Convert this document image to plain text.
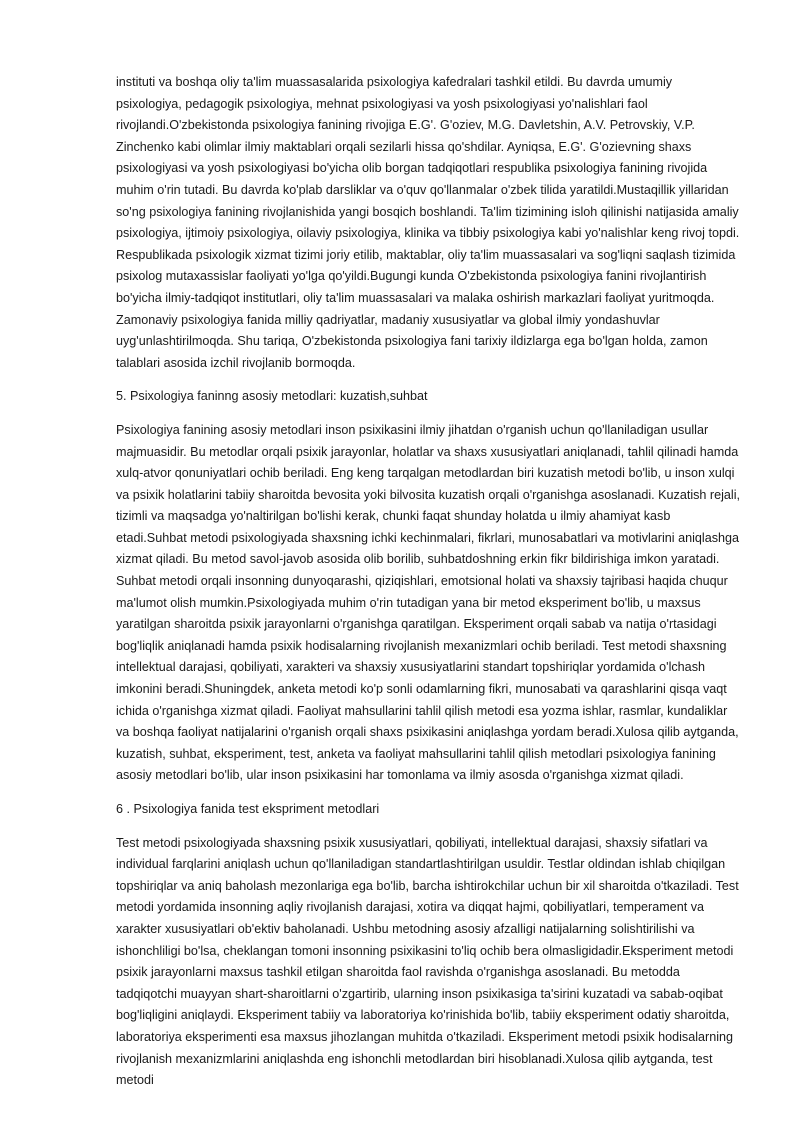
instituti va boshqa oliy ta'lim muassasalarida psixologiya kafedralari tashkil etildi. Bu davrda umumiy psixologiya, pedagogik psixologiya, mehnat psixologiyasi va yosh psixologiyasi yo'nalishlari faol rivojlandi.O'zbekistonda psixologiya fanining rivojiga E.G'. G'oziev, M.G. Davletshin, A.V. Petrovskiy, V.P. Zinchenko kabi olimlar ilmiy maktablari orqali sezilarli hissa qo'shdilar. Ayniqsa, E.G'. G'ozievning shaxs psixologiyasi va yosh psixologiyasi bo'yicha olib borgan tadqiqotlari respublika psixologiya fanining rivojida muhim o'rin tutadi. Bu davrda ko'plab darsliklar va o'quv qo'llanmalar o'zbek tilida yaratildi.Mustaqillik yillaridan so'ng psixologiya fanining rivojlanishida yangi bosqich boshlandi. Ta'lim tizimining isloh qilinishi natijasida amaliy psixologiya, ijtimoiy psixologiya, oilaviy psixologiya, klinika va tibbiy psixologiya kabi yo'nalishlar keng rivoj topdi. Respublikada psixologik xizmat tizimi joriy etilib, maktablar, oliy ta'lim muassasalari va sog'liqni saqlash tizimida psixolog mutaxassislar faoliyati yo'lga qo'yildi.Bugungi kunda O'zbekistonda psixologiya fanini rivojlantirish bo'yicha ilmiy-tadqiqot institutlari, oliy ta'lim muassasalari va malaka oshirish markazlari faoliyat yuritmoqda. Zamonaviy psixologiya fanida milliy qadriyatlar, madaniy xususiyatlar va global ilmiy yondashuvlar uyg'unlashtirilmoqda. Shu tariqa, O'zbekistonda psixologiya fani tarixiy ildizlarga ega bo'lgan holda, zamon talablari asosida izchil rivojlanib bormoqda.

5. Psixologiya faninng asosiy metodlari: kuzatish,suhbat

Psixologiya fanining asosiy metodlari inson psixikasini ilmiy jihatdan o'rganish uchun qo'llaniladigan usullar majmuasidir. Bu metodlar orqali psixik jarayonlar, holatlar va shaxs xususiyatlari aniqlanadi, tahlil qilinadi hamda xulq-atvor qonuniyatlari ochib beriladi. Eng keng tarqalgan metodlardan biri kuzatish metodi bo'lib, u inson xulqi va psixik holatlarini tabiiy sharoitda bevosita yoki bilvosita kuzatish orqali o'rganishga asoslanadi. Kuzatish rejali, tizimli va maqsadga yo'naltirilgan bo'lishi kerak, chunki faqat shunday holatda u ilmiy ahamiyat kasb etadi.Suhbat metodi psixologiyada shaxsning ichki kechinmalari, fikrlari, munosabatlari va motivlarini aniqlashga xizmat qiladi. Bu metod savol-javob asosida olib borilib, suhbatdoshning erkin fikr bildirishiga imkon yaratadi. Suhbat metodi orqali insonning dunyoqarashi, qiziqishlari, emotsional holati va shaxsiy tajribasi haqida chuqur ma'lumot olish mumkin.Psixologiyada muhim o'rin tutadigan yana bir metod eksperiment bo'lib, u maxsus yaratilgan sharoitda psixik jarayonlarni o'rganishga qaratilgan. Eksperiment orqali sabab va natija o'rtasidagi bog'liqlik aniqlanadi hamda psixik hodisalarning rivojlanish mexanizmlari ochib beriladi. Test metodi shaxsning intellektual darajasi, qobiliyati, xarakteri va shaxsiy xususiyatlarini standart topshiriqlar yordamida o'lchash imkonini beradi.Shuningdek, anketa metodi ko'p sonli odamlarning fikri, munosabati va qarashlarini qisqa vaqt ichida o'rganishga xizmat qiladi. Faoliyat mahsullarini tahlil qilish metodi esa yozma ishlar, rasmlar, kundaliklar va boshqa faoliyat natijalarini o'rganish orqali shaxs psixikasini aniqlashga yordam beradi.Xulosa qilib aytganda, kuzatish, suhbat, eksperiment, test, anketa va faoliyat mahsullarini tahlil qilish metodlari psixologiya fanining asosiy metodlari bo'lib, ular inson psixikasini har tomonlama va ilmiy asosda o'rganishga xizmat qiladi.

6 . Psixologiya fanida test ekspriment metodlari

Test metodi psixologiyada shaxsning psixik xususiyatlari, qobiliyati, intellektual darajasi, shaxsiy sifatlari va individual farqlarini aniqlash uchun qo'llaniladigan standartlashtirilgan usuldir. Testlar oldindan ishlab chiqilgan topshiriqlar va aniq baholash mezonlariga ega bo'lib, barcha ishtirokchilar uchun bir xil sharoitda o'tkaziladi. Test metodi yordamida insonning aqliy rivojlanish darajasi, xotira va diqqat hajmi, qobiliyatlari, temperament va xarakter xususiyatlari ob'ektiv baholanadi. Ushbu metodning asosiy afzalligi natijalarning solishtirilishi va ishonchliligi bo'lsa, cheklangan tomoni insonning psixikasini to'liq ochib bera olmasligidadir.Eksperiment metodi psixik jarayonlarni maxsus tashkil etilgan sharoitda faol ravishda o'rganishga asoslanadi. Bu metodda tadqiqotchi muayyan shart-sharoitlarni o'zgartirib, ularning inson psixikasiga ta'sirini kuzatadi va sabab-oqibat bog'liqligini aniqlaydi. Eksperiment tabiiy va laboratoriya ko'rinishida bo'lib, tabiiy eksperiment odatiy sharoitda, laboratoriya eksperimenti esa maxsus jihozlangan muhitda o'tkaziladi. Eksperiment metodi psixik hodisalarning rivojlanish mexanizmlarini aniqlashda eng ishonchli metodlardan biri hisoblanadi.Xulosa qilib aytganda, test metodi
